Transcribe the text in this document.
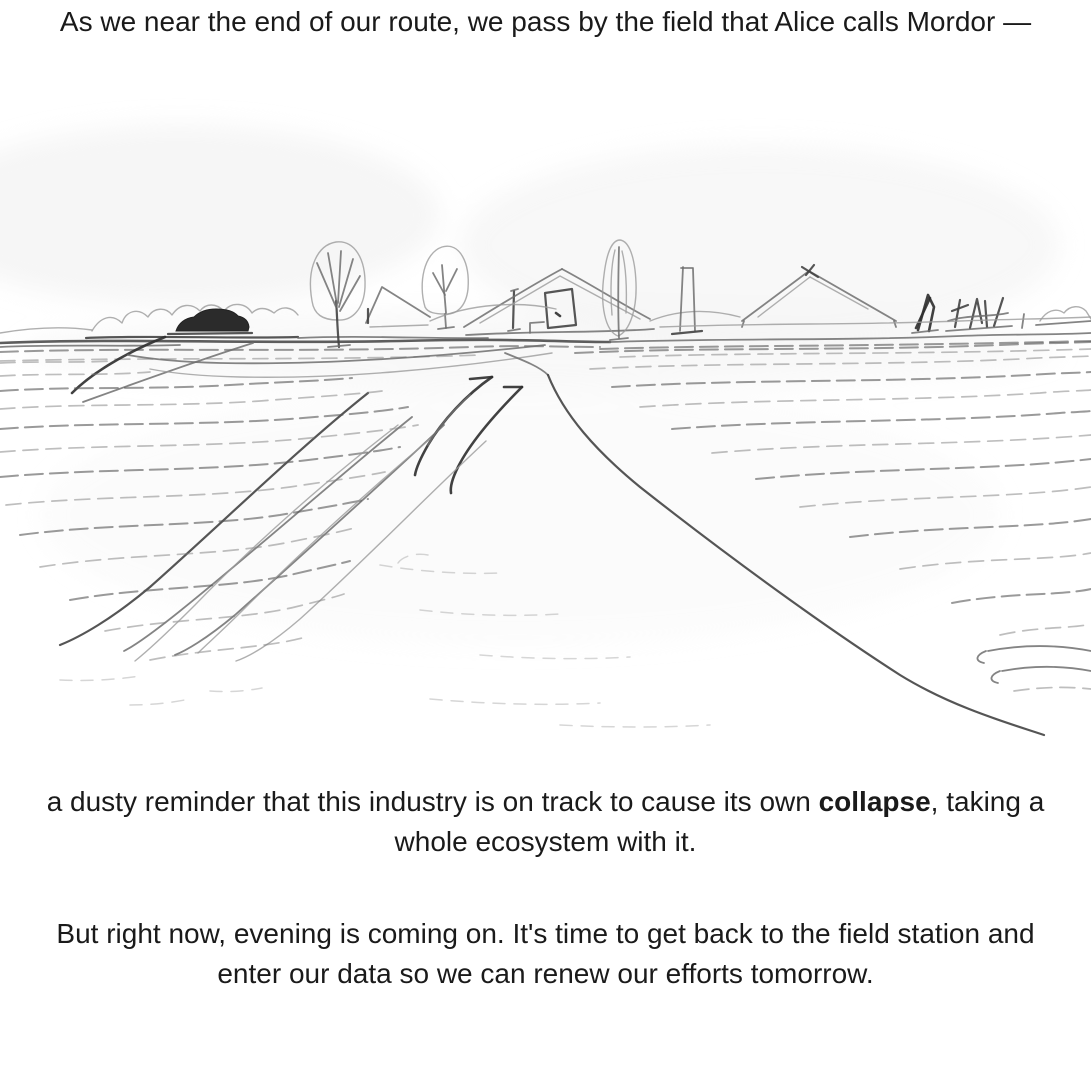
As we near the end of our route, we pass by the field that Alice calls Mordor —

a dusty reminder that this industry is on track to cause its own collapse, taking a whole ecosystem with it.

But right now, evening is coming on. It's time to get back to the field station and enter our data so we can renew our efforts tomorrow.
